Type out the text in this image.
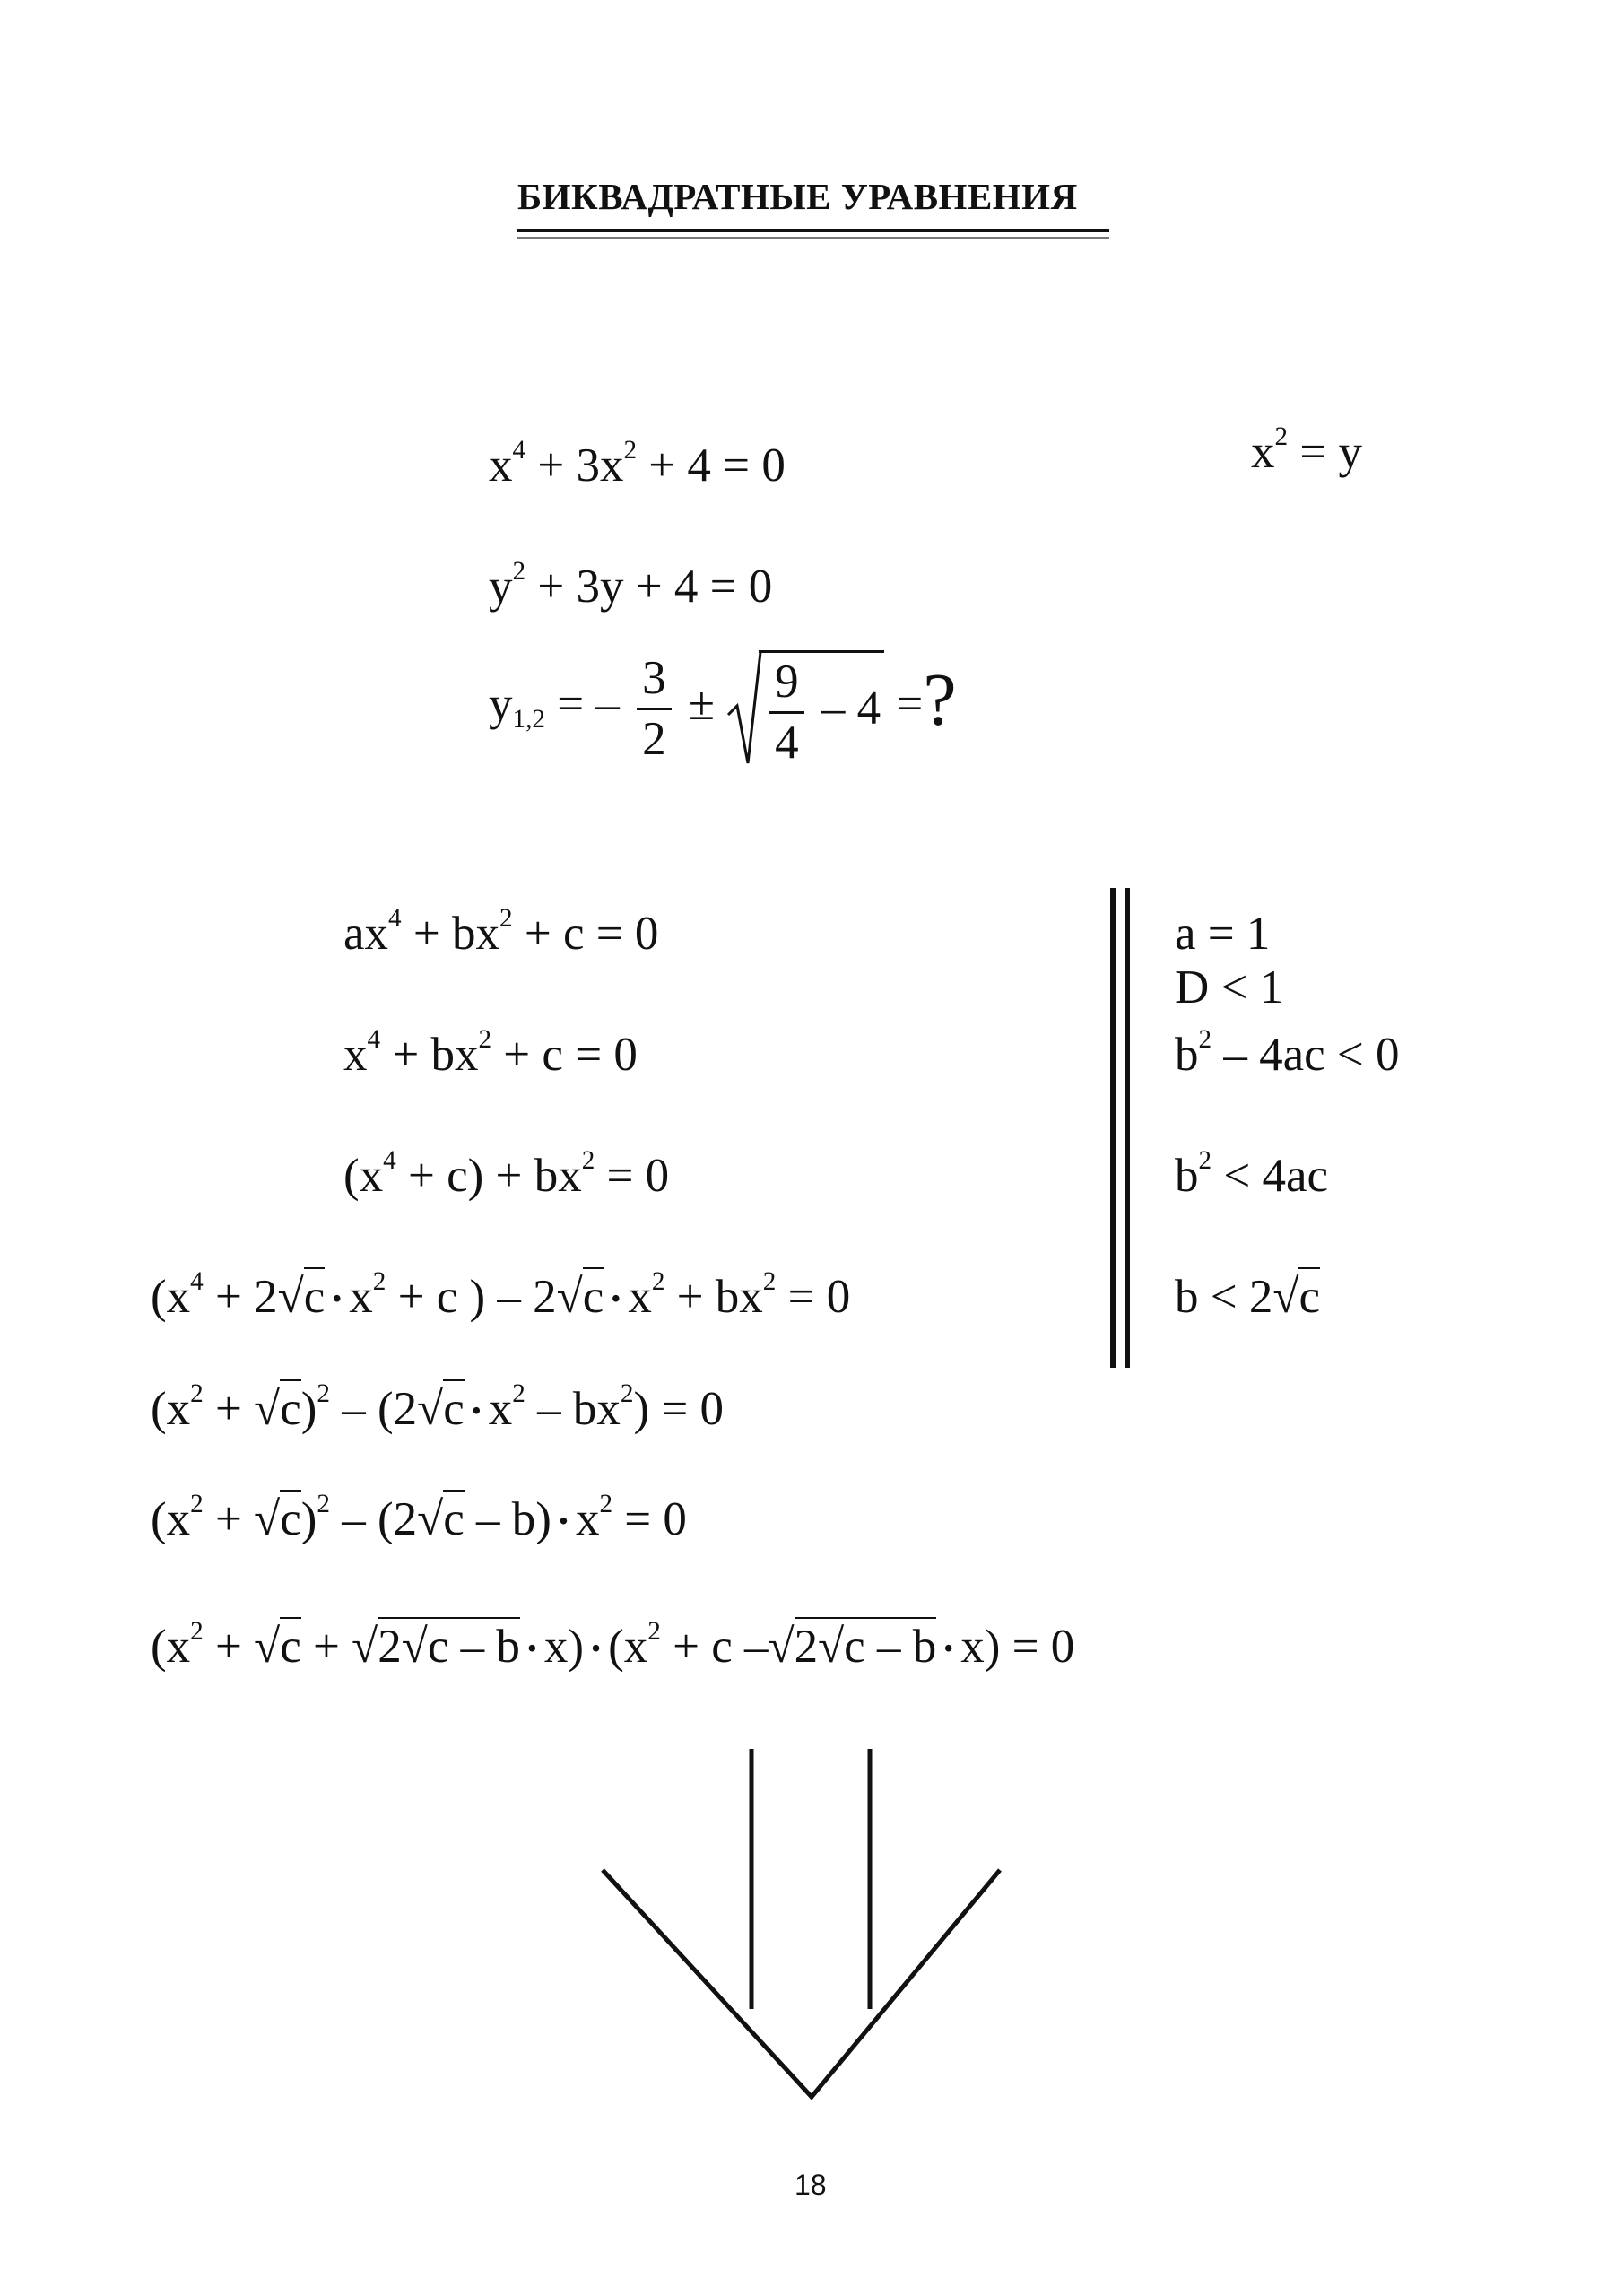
БИКВАДРАТНЫЕ УРАВНЕНИЯ
$x^2 = y$
$x^4 + 3x^2 + 4 = 0$
$y^2 + 3y + 4 = 0$
$y_{1,2}$ = – $\frac{3}{2} \pm \frac{9}{4} - 4$ =?
$ax^4 + bx^2 + c = 0$
$x^4 + bx^2 + c = 0$
$(x^4 + c) + bx^2 = 0$
($x^4 + 2√c$ • $x^2 + c$ ) – 2√c • $x^2 + bx^2 = 0$
$(x^2 + √c)^2 - (2√c$ • $x^2 - bx^2) = 0$
$(x^2 + √c)^2 - (2√c - b)$ • $x^2 = 0$
($x^2 + √c + √2√c - b$ • x) • ($x^2 + c$ –√2√c – b • x) = 0
a = 1
D < 1
$b^2 - 4ac < 0$
$b^2 < 4ac$
b < 2√c
18
